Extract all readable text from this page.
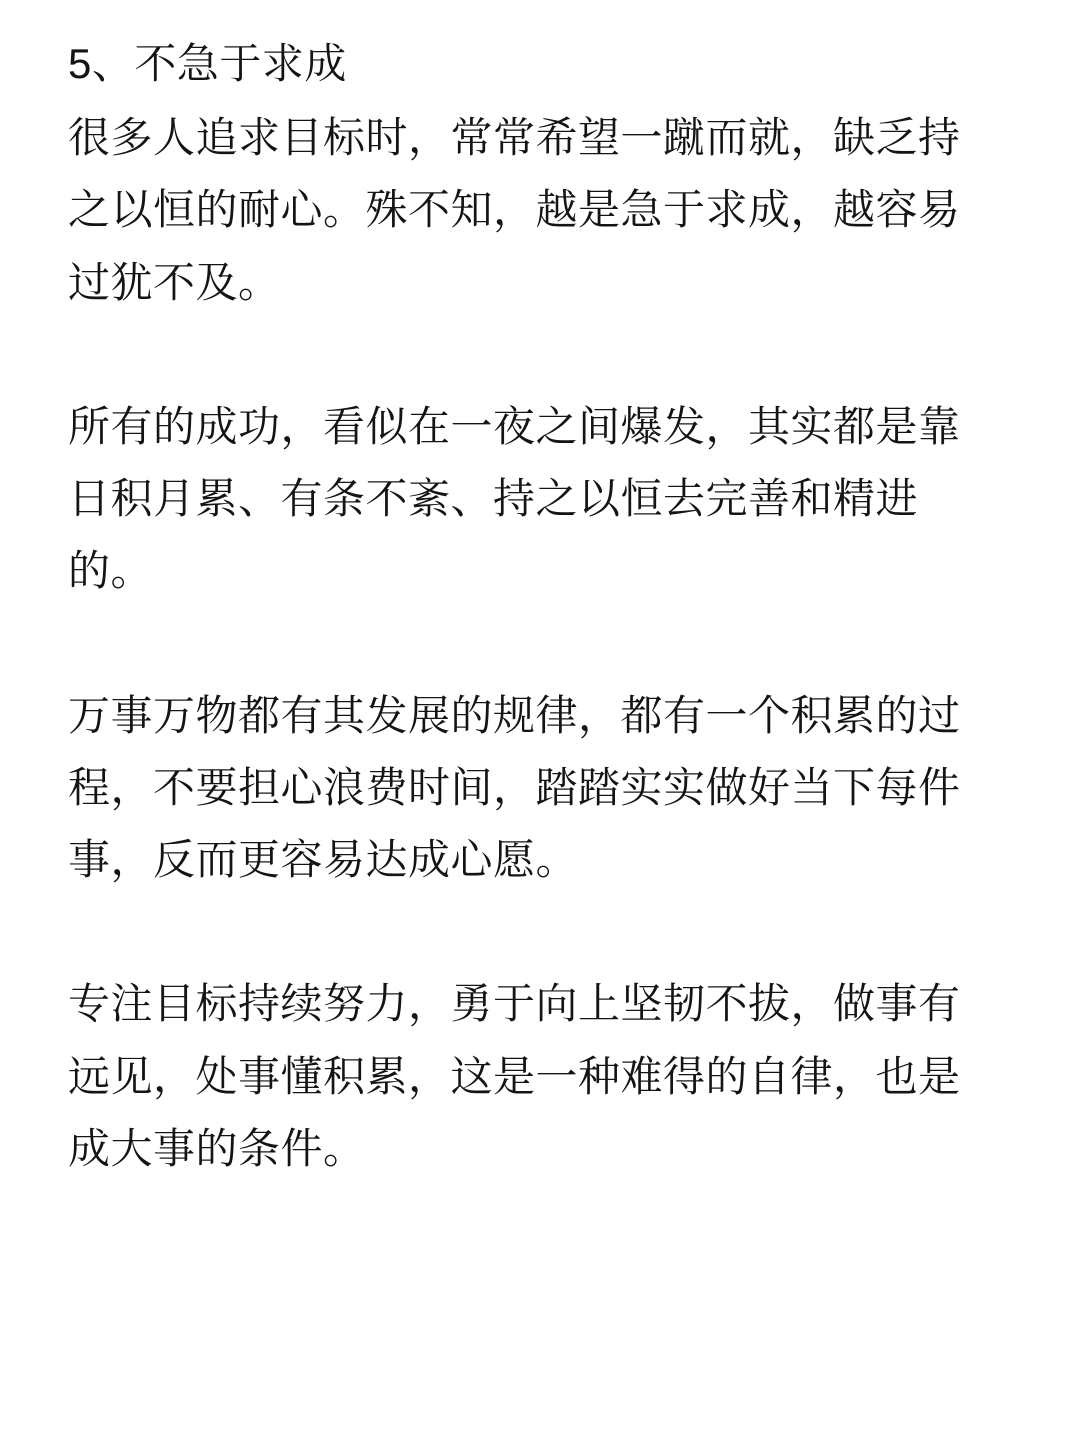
5、不急于求成

很多人追求目标时，常常希望一蹴而就，缺乏持之以恒的耐心。殊不知，越是急于求成，越容易过犹不及。

所有的成功，看似在一夜之间爆发，其实都是靠日积月累、有条不紊、持之以恒去完善和精进的。

万事万物都有其发展的规律，都有一个积累的过程，不要担心浪费时间，踏踏实实做好当下每件事，反而更容易达成心愿。

专注目标持续努力，勇于向上坚韧不拔，做事有远见，处事懂积累，这是一种难得的自律，也是成大事的条件。
